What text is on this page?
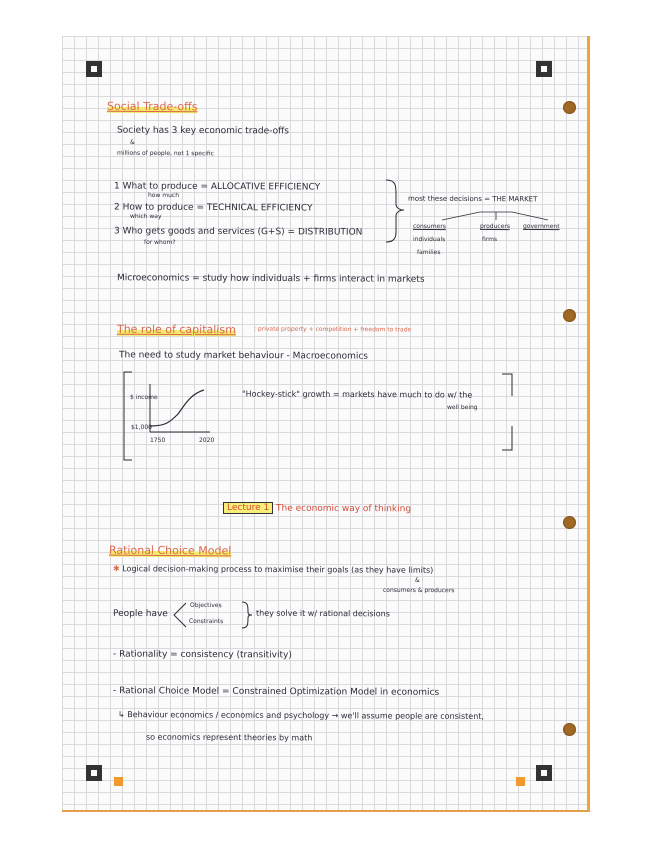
Social Trade-offs
Society has 3 key economic trade-offs
&
millions of people, not 1 specific
1 What to produce = ALLOCATIVE EFFICIENCY
how much
2 How to produce = TECHNICAL EFFICIENCY
which way
3 Who gets goods and services (G+S) = DISTRIBUTION
for whom?
most these decisions = THE MARKET
consumers	producers government
individuals
families
firms
Microeconomics = study how individuals + firms interact in markets
The role of capitalism	: private property + competition + freedom to trade
The need to study market behaviour - Macroeconomics
$ income
$1,000
1750	2020
"Hockey-stick" growth = markets have much to do w/ the
well being
Lecture 1 The economic way of thinking
Rational Choice Model
✱ Logical decision-making process to maximise their goals (as they have limits)
&
consumers & producers
People have
Objectives
Constraints
they solve it w/ rational decisions
- Rationality = consistency (transitivity)
- Rational Choice Model = Constrained Optimization Model in economics
↳ Behaviour economics / economics and psychology → we'll assume people are consistent,
so economics represent theories by math
